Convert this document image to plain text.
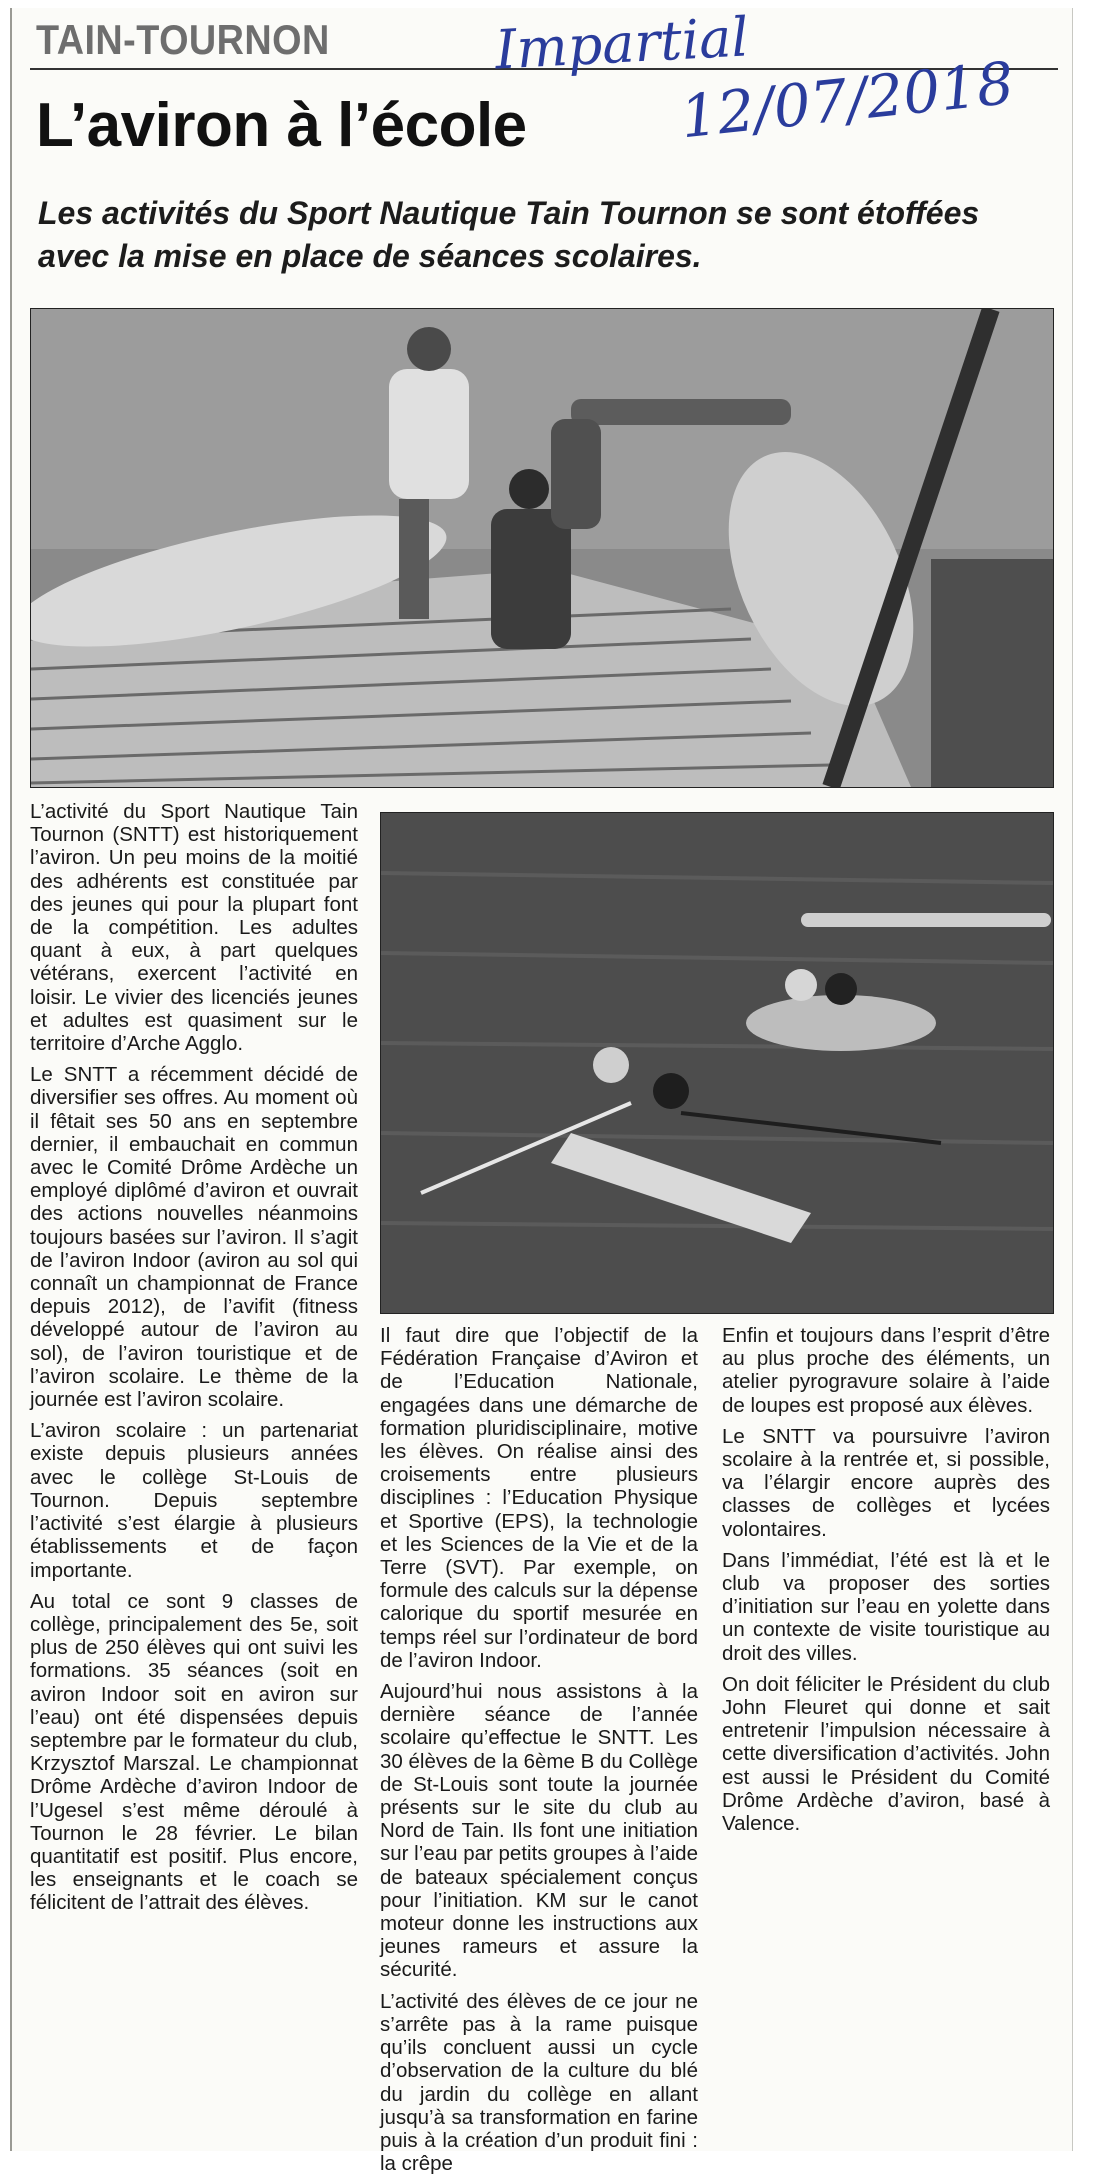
TAIN-TOURNON	Impartial

12/07/2018

L’aviron à l’école

Les activités du Sport Nautique Tain Tournon se sont étoffées avec la mise en place de séances scolaires.

L’activité du Sport Nautique Tain Tournon (SNTT) est historiquement l’aviron. Un peu moins de la moitié des adhérents est constituée par des jeunes qui pour la plupart font de la compétition. Les adultes quant à eux, à part quelques vétérans, exercent l’activité en loisir. Le vivier des licenciés jeunes et adultes est quasiment sur le territoire d’Arche Agglo.

Le SNTT a récemment décidé de diversifier ses offres. Au moment où il fêtait ses 50 ans en septembre dernier, il embauchait en commun avec le Comité Drôme Ardèche un employé diplômé d’aviron et ouvrait des actions nouvelles néanmoins toujours basées sur l’aviron. Il s’agit de l’aviron Indoor (aviron au sol qui connaît un championnat de France depuis 2012), de l’avifit (fitness développé autour de l’aviron au sol), de l’aviron touristique et de l’aviron scolaire. Le thème de la journée est l’aviron scolaire.

L’aviron scolaire : un partenariat existe depuis plusieurs années avec le collège St-Louis de Tournon. Depuis septembre l’activité s’est élargie à plusieurs établissements et de façon importante.

Au total ce sont 9 classes de collège, principalement des 5e, soit plus de 250 élèves qui ont suivi les formations. 35 séances (soit en aviron Indoor soit en aviron sur l’eau) ont été dispensées depuis septembre par le formateur du club, Krzysztof Marszal. Le championnat Drôme Ardèche d’aviron Indoor de l’Ugesel s’est même déroulé à Tournon le 28 février. Le bilan quantitatif est positif. Plus encore, les enseignants et le coach se félicitent de l’attrait des élèves.

Il faut dire que l’objectif de la Fédération Française d’Aviron et de l’Education Nationale, engagées dans une démarche de formation pluridisciplinaire, motive les élèves. On réalise ainsi des croisements entre plusieurs disciplines : l’Education Physique et Sportive (EPS), la technologie et les Sciences de la Vie et de la Terre (SVT). Par exemple, on formule des calculs sur la dépense calorique du sportif mesurée en temps réel sur l’ordinateur de bord de l’aviron Indoor.

Aujourd’hui nous assistons à la dernière séance de l’année scolaire qu’effectue le SNTT. Les 30 élèves de la 6ème B du Collège de St-Louis sont toute la journée présents sur le site du club au Nord de Tain. Ils font une initiation sur l’eau par petits groupes à l’aide de bateaux spécialement conçus pour l’initiation. KM sur le canot moteur donne les instructions aux jeunes rameurs et assure la sécurité.

L’activité des élèves de ce jour ne s’arrête pas à la rame puisque qu’ils concluent aussi un cycle d’observation de la culture du blé du jardin du collège en allant jusqu’à sa transformation en farine puis à la création d’un produit fini : la crêpe

Enfin et toujours dans l’esprit d’être au plus proche des éléments, un atelier pyrogravure solaire à l’aide de loupes est proposé aux élèves.

Le SNTT va poursuivre l’aviron scolaire à la rentrée et, si possible, va l’élargir encore auprès des classes de collèges et lycées volontaires.

Dans l’immédiat, l’été est là et le club va proposer des sorties d’initiation sur l’eau en yolette dans un contexte de visite touristique au droit des villes.

On doit féliciter le Président du club John Fleuret qui donne et sait entretenir l’impulsion nécessaire à cette diversification d’activités. John est aussi le Président du Comité Drôme Ardèche d’aviron, basé à Valence.
